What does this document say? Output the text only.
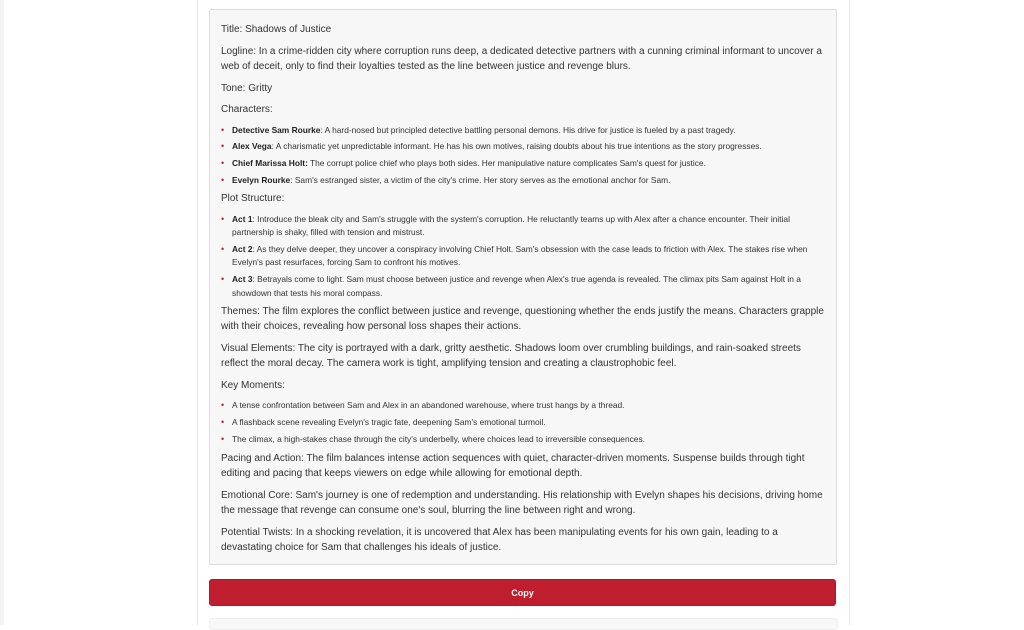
Title: Shadows of Justice

Logline: In a crime-ridden city where corruption runs deep, a dedicated detective partners with a cunning criminal informant to uncover a web of deceit, only to find their loyalties tested as the line between justice and revenge blurs.

Tone: Gritty

Characters:

• Detective Sam Rourke: A hard-nosed but principled detective battling personal demons. His drive for justice is fueled by a past tragedy.
• Alex Vega: A charismatic yet unpredictable informant. He has his own motives, raising doubts about his true intentions as the story progresses.
• Chief Marissa Holt: The corrupt police chief who plays both sides. Her manipulative nature complicates Sam's quest for justice.
• Evelyn Rourke: Sam's estranged sister, a victim of the city's crime. Her story serves as the emotional anchor for Sam.

Plot Structure:

• Act 1: Introduce the bleak city and Sam's struggle with the system's corruption. He reluctantly teams up with Alex after a chance encounter. Their initial partnership is shaky, filled with tension and mistrust.
• Act 2: As they delve deeper, they uncover a conspiracy involving Chief Holt. Sam's obsession with the case leads to friction with Alex. The stakes rise when Evelyn's past resurfaces, forcing Sam to confront his motives.
• Act 3: Betrayals come to light. Sam must choose between justice and revenge when Alex's true agenda is revealed. The climax pits Sam against Holt in a showdown that tests his moral compass.

Themes: The film explores the conflict between justice and revenge, questioning whether the ends justify the means. Characters grapple with their choices, revealing how personal loss shapes their actions.

Visual Elements: The city is portrayed with a dark, gritty aesthetic. Shadows loom over crumbling buildings, and rain-soaked streets reflect the moral decay. The camera work is tight, amplifying tension and creating a claustrophobic feel.

Key Moments:

• A tense confrontation between Sam and Alex in an abandoned warehouse, where trust hangs by a thread.
• A flashback scene revealing Evelyn's tragic fate, deepening Sam's emotional turmoil.
• The climax, a high-stakes chase through the city's underbelly, where choices lead to irreversible consequences.

Pacing and Action: The film balances intense action sequences with quiet, character-driven moments. Suspense builds through tight editing and pacing that keeps viewers on edge while allowing for emotional depth.

Emotional Core: Sam's journey is one of redemption and understanding. His relationship with Evelyn shapes his decisions, driving home the message that revenge can consume one's soul, blurring the line between right and wrong.

Potential Twists: In a shocking revelation, it is uncovered that Alex has been manipulating events for his own gain, leading to a devastating choice for Sam that challenges his ideals of justice.

Copy
